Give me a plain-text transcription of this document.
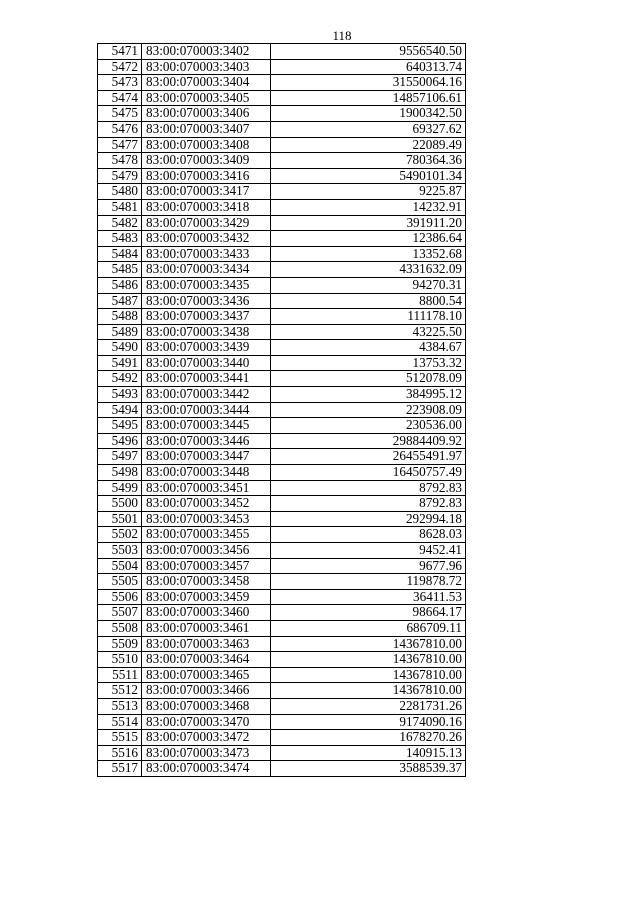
118
5471	83:00:070003:3402	9556540.50
5472	83:00:070003:3403	640313.74
5473	83:00:070003:3404	31550064.16
5474	83:00:070003:3405	14857106.61
5475	83:00:070003:3406	1900342.50
5476	83:00:070003:3407	69327.62
5477	83:00:070003:3408	22089.49
5478	83:00:070003:3409	780364.36
5479	83:00:070003:3416	5490101.34
5480	83:00:070003:3417	9225.87
5481	83:00:070003:3418	14232.91
5482	83:00:070003:3429	391911.20
5483	83:00:070003:3432	12386.64
5484	83:00:070003:3433	13352.68
5485	83:00:070003:3434	4331632.09
5486	83:00:070003:3435	94270.31
5487	83:00:070003:3436	8800.54
5488	83:00:070003:3437	111178.10
5489	83:00:070003:3438	43225.50
5490	83:00:070003:3439	4384.67
5491	83:00:070003:3440	13753.32
5492	83:00:070003:3441	512078.09
5493	83:00:070003:3442	384995.12
5494	83:00:070003:3444	223908.09
5495	83:00:070003:3445	230536.00
5496	83:00:070003:3446	29884409.92
5497	83:00:070003:3447	26455491.97
5498	83:00:070003:3448	16450757.49
5499	83:00:070003:3451	8792.83
5500	83:00:070003:3452	8792.83
5501	83:00:070003:3453	292994.18
5502	83:00:070003:3455	8628.03
5503	83:00:070003:3456	9452.41
5504	83:00:070003:3457	9677.96
5505	83:00:070003:3458	119878.72
5506	83:00:070003:3459	36411.53
5507	83:00:070003:3460	98664.17
5508	83:00:070003:3461	686709.11
5509	83:00:070003:3463	14367810.00
5510	83:00:070003:3464	14367810.00
5511	83:00:070003:3465	14367810.00
5512	83:00:070003:3466	14367810.00
5513	83:00:070003:3468	2281731.26
5514	83:00:070003:3470	9174090.16
5515	83:00:070003:3472	1678270.26
5516	83:00:070003:3473	140915.13
5517	83:00:070003:3474	3588539.37
